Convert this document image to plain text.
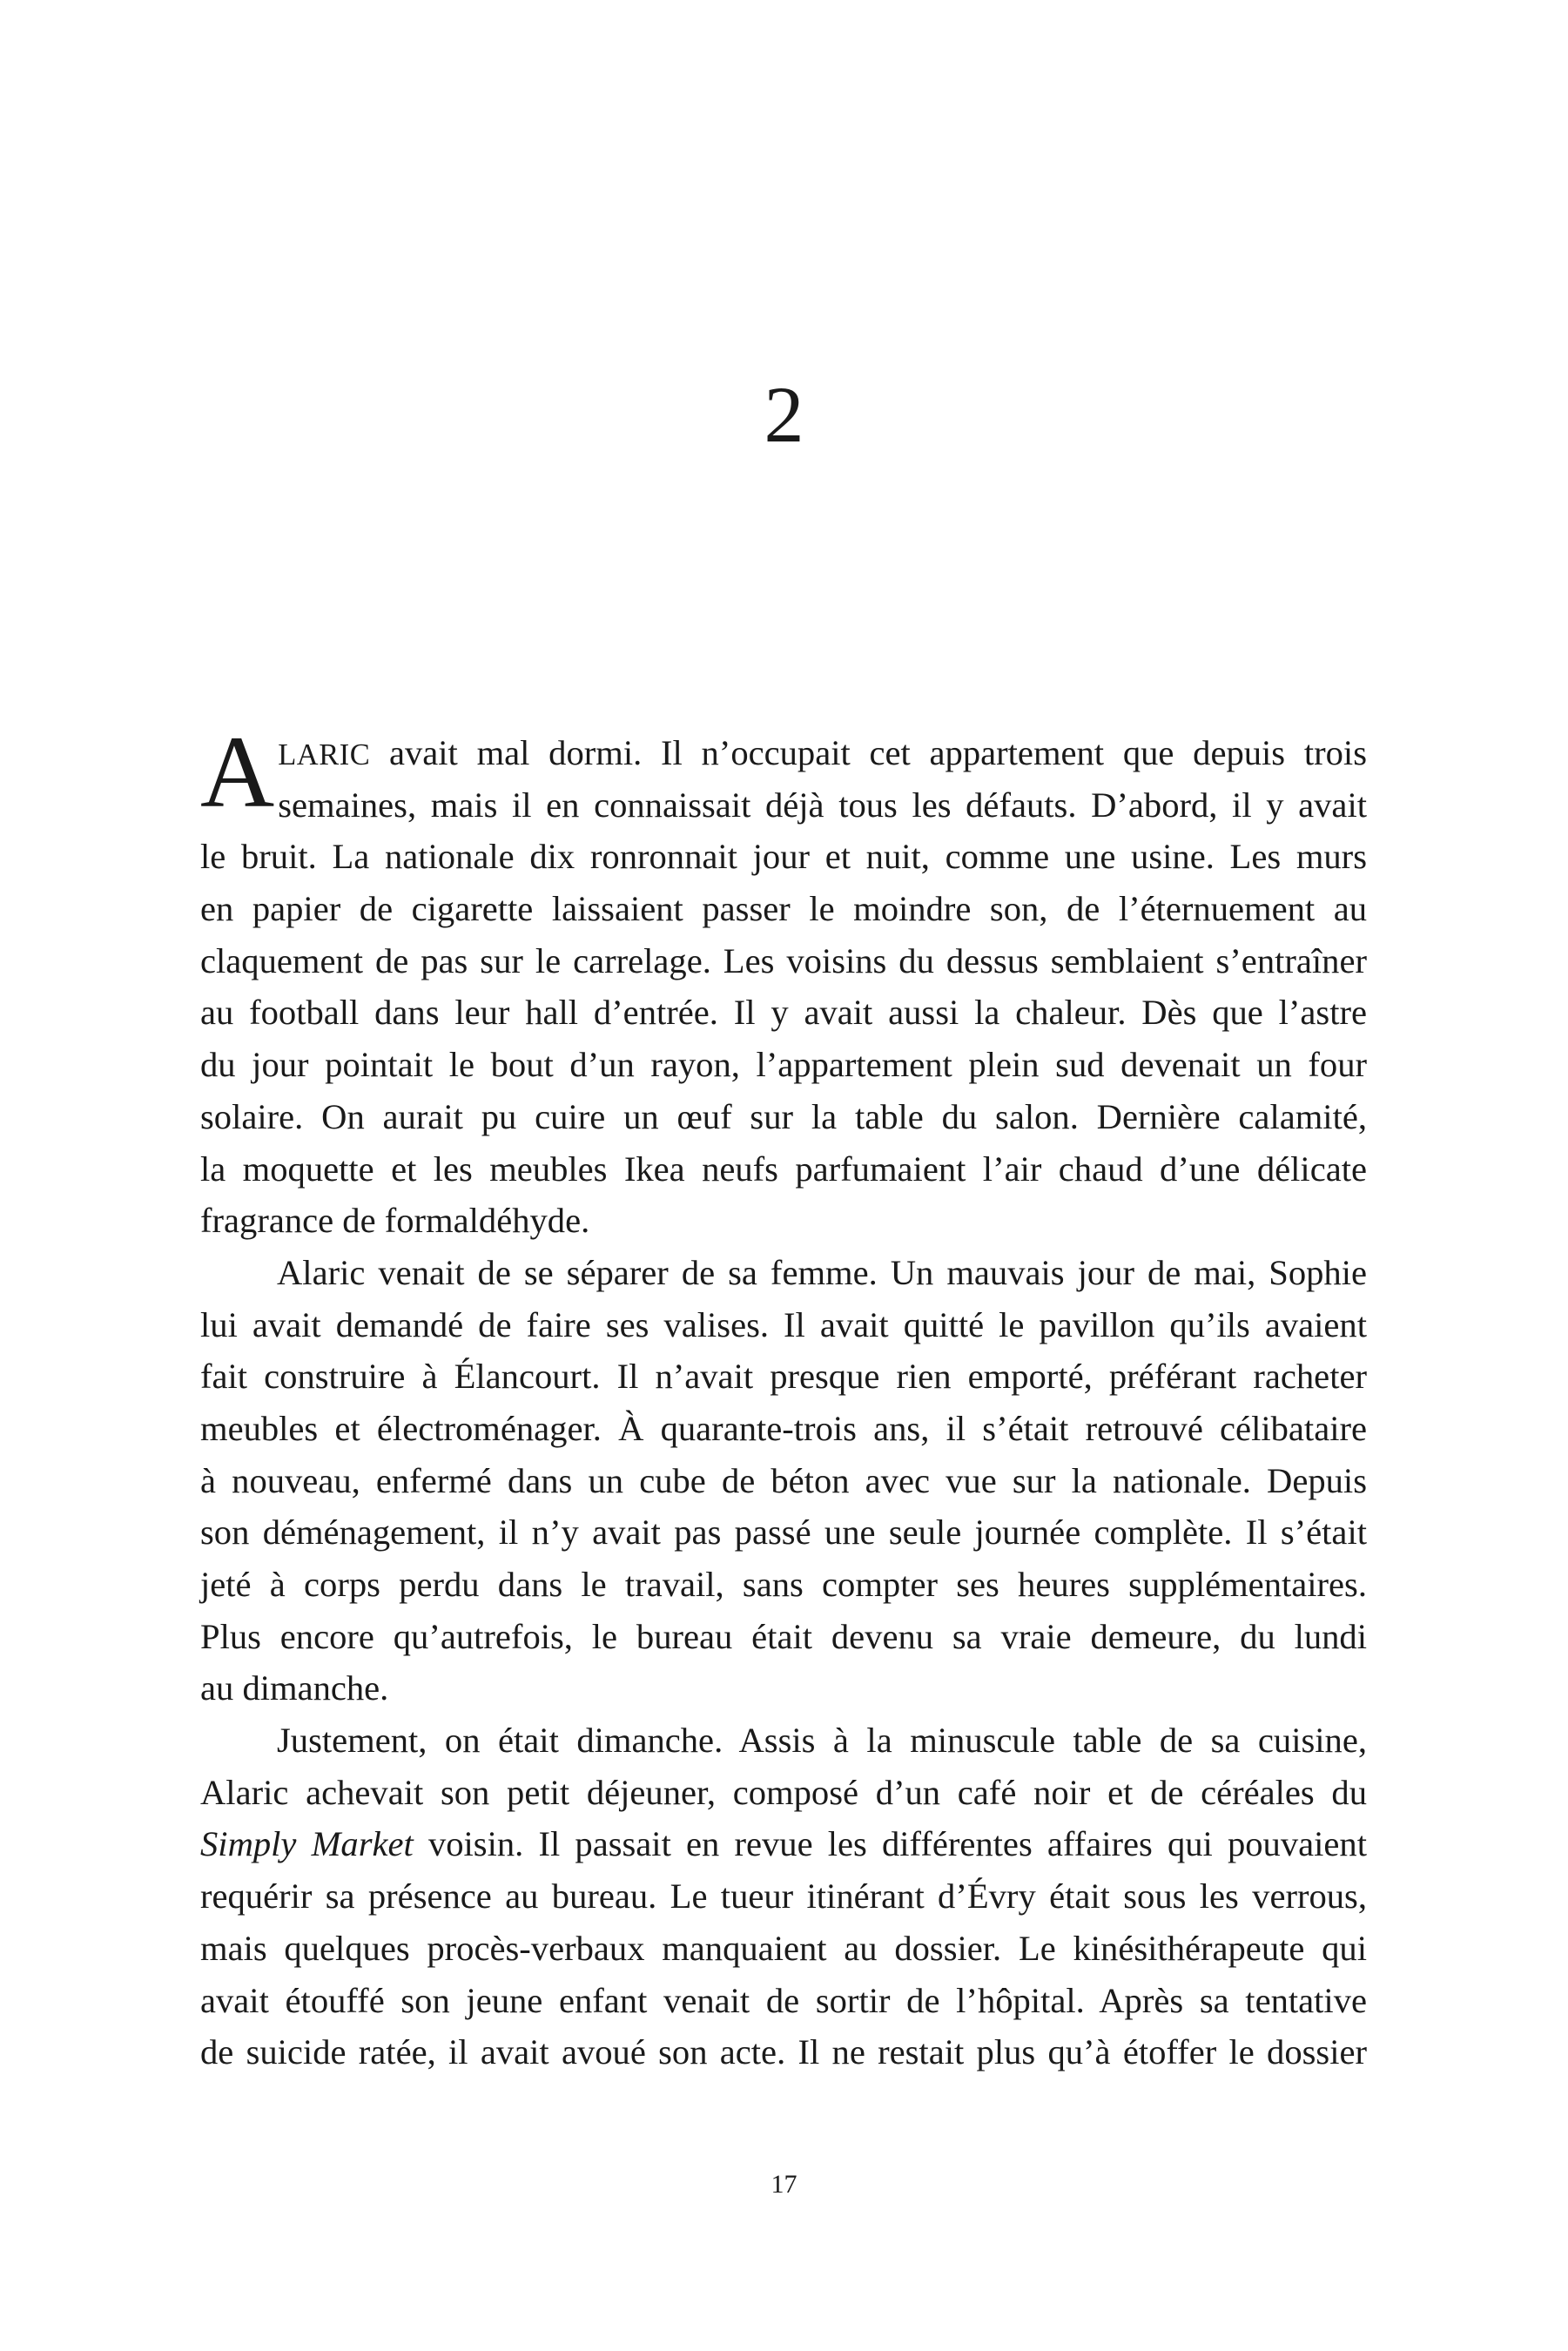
2
A LARIC avait mal dormi. Il n’occupait cet appartement que depuis trois
semaines, mais il en connaissait déjà tous les défauts. D’abord, il y avait
le bruit. La nationale dix ronronnait jour et nuit, comme une usine. Les murs
en papier de cigarette laissaient passer le moindre son, de l’éternuement au
claquement de pas sur le carrelage. Les voisins du dessus semblaient s’entraîner
au football dans leur hall d’entrée. Il y avait aussi la chaleur. Dès que l’astre
du jour pointait le bout d’un rayon, l’appartement plein sud devenait un four
solaire. On aurait pu cuire un œuf sur la table du salon. Dernière calamité,
la moquette et les meubles Ikea neufs parfumaient l’air chaud d’une délicate
fragrance de formaldéhyde.
Alaric venait de se séparer de sa femme. Un mauvais jour de mai, Sophie
lui avait demandé de faire ses valises. Il avait quitté le pavillon qu’ils avaient
fait construire à Élancourt. Il n’avait presque rien emporté, préférant racheter
meubles et électroménager. À quarante-trois ans, il s’était retrouvé célibataire
à nouveau, enfermé dans un cube de béton avec vue sur la nationale. Depuis
son déménagement, il n’y avait pas passé une seule journée complète. Il s’était
jeté à corps perdu dans le travail, sans compter ses heures supplémentaires.
Plus encore qu’autrefois, le bureau était devenu sa vraie demeure, du lundi
au dimanche.
Justement, on était dimanche. Assis à la minuscule table de sa cuisine,
Alaric achevait son petit déjeuner, composé d’un café noir et de céréales du
Simply Market voisin. Il passait en revue les différentes affaires qui pouvaient
requérir sa présence au bureau. Le tueur itinérant d’Évry était sous les verrous,
mais quelques procès-verbaux manquaient au dossier. Le kinésithérapeute qui
avait étouffé son jeune enfant venait de sortir de l’hôpital. Après sa tentative
de suicide ratée, il avait avoué son acte. Il ne restait plus qu’à étoffer le dossier
17
